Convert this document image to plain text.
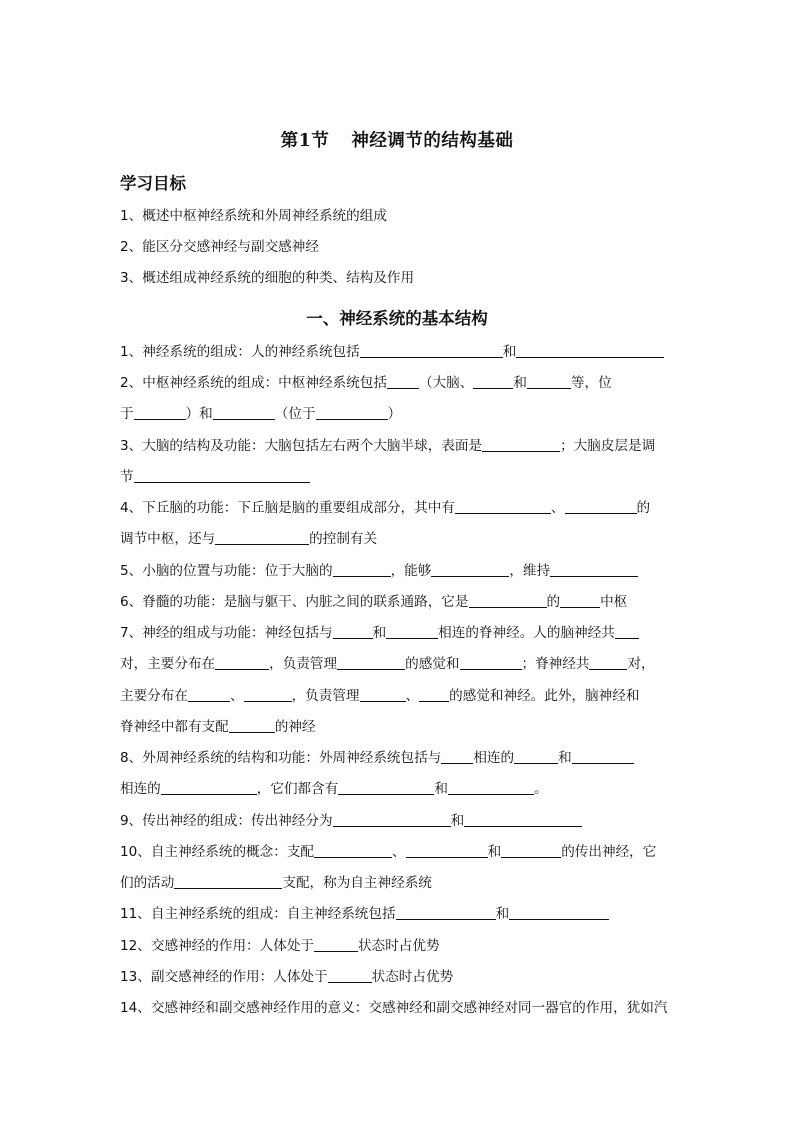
第1节 神经调节的结构基础
学习目标
1、概述中枢神经系统和外周神经系统的组成
2、能区分交感神经与副交感神经
3、概述组成神经系统的细胞的种类、结构及作用
一、神经系统的基本结构
1、神经系统的组成：人的神经系统包括	和
2、中枢神经系统的组成：中枢神经系统包括 （大脑、	和	等，位
于	）和	（位于	）
3、大脑的结构及功能：大脑包括左右两个大脑半球，表面是	；大脑皮层是调
节
4、下丘脑的功能：下丘脑是脑的重要组成部分，其中有	、	的
调节中枢，还与	的控制有关
5、小脑的位置与功能：位于大脑的	，能够	，维持
6、脊髓的功能：是脑与躯干、内脏之间的联系通路，它是	的	中枢
7、神经的组成与功能：神经包括与	和	相连的脊神经。人的脑神经共
对，主要分布在	，负责管理	的感觉和	；脊神经共	对，
主要分布在	、	，负责管理	、 的感觉和神经。此外，脑神经和
脊神经中都有支配	的神经
8、外周神经系统的结构和功能：外周神经系统包括与 相连的	和
相连的	，它们都含有	和	。
9、传出神经的组成：传出神经分为	和
10、自主神经系统的概念：支配	、	和	的传出神经，它
们的活动	支配，称为自主神经系统
11、自主神经系统的组成：自主神经系统包括	和
12、交感神经的作用：人体处于	状态时占优势
13、副交感神经的作用：人体处于	状态时占优势
14、交感神经和副交感神经作用的意义：交感神经和副交感神经对同一器官的作用，犹如汽
